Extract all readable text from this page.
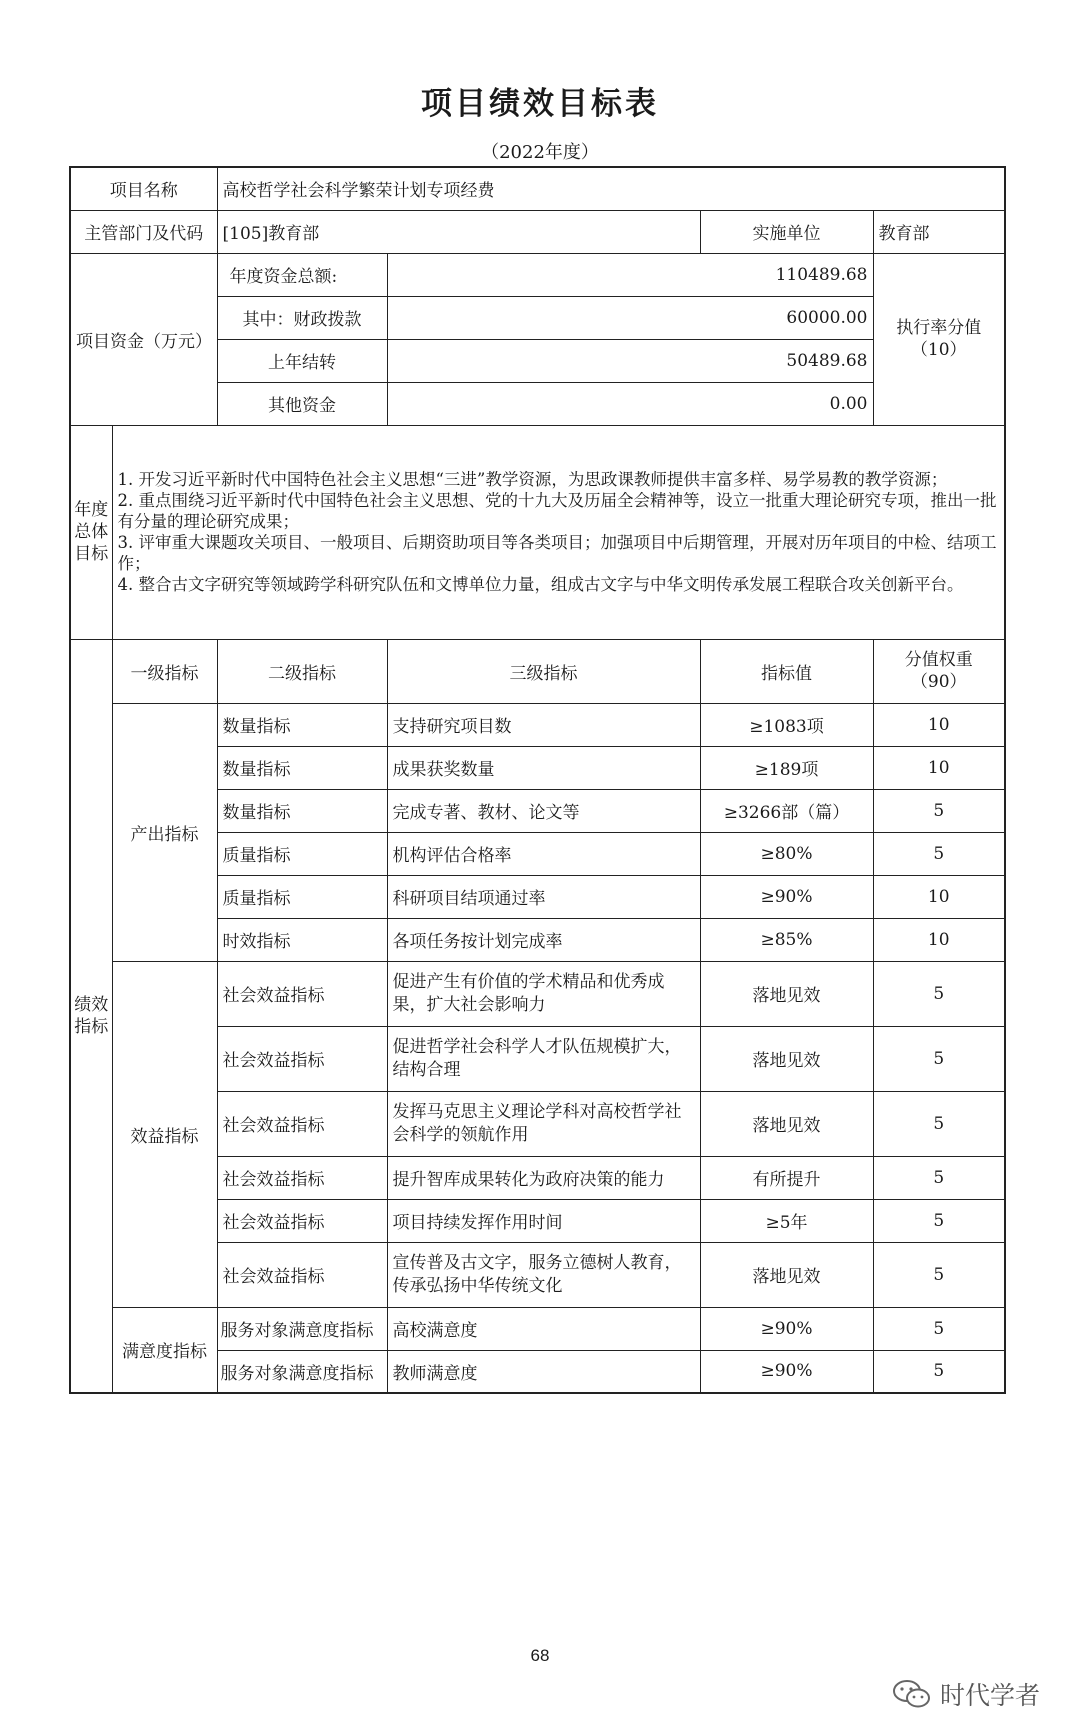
项目绩效目标表
（2022年度）
项目名称		高校哲学社会科学繁荣计划专项经费			
主管部门及代码		[105]教育部		实施单位	教育部
项目资金（万元）		年度资金总额:	110489.68		执行率分值
（10）

		其中：财政拨款	60000.00		
		上年结转	50489.68		
		其他资金	0.00		
年度总体目标	1. 开发习近平新时代中国特色社会主义思想“三进”教学资源，为思政课教师提供丰富多样、易学易教的教学资源；
2. 重点围绕习近平新时代中国特色社会主义思想、党的十九大及历届全会精神等，设立一批重大理论研究专项，推出一批有分量的理论研究成果；
3. 评审重大课题攻关项目、一般项目、后期资助项目等各类项目；加强项目中后期管理，开展对历年项目的中检、结项工作；
4. 整合古文字研究等领域跨学科研究队伍和文博单位力量，组成古文字与中华文明传承发展工程联合攻关创新平台。				

绩效指标	一级指标	二级指标	三级指标	指标值	分值权重
（90）

	产出指标	数量指标	支持研究项目数	≥1083项	10
		数量指标	成果获奖数量	≥189项	10
		数量指标	完成专著、教材、论文等	≥3266部（篇）	5
		质量指标	机构评估合格率	≥80%	5
		质量指标	科研项目结项通过率	≥90%	10
		时效指标	各项任务按计划完成率	≥85%	10
	效益指标	社会效益指标	促进产生有价值的学术精品和优秀成果，扩大社会影响力	落地见效	5
		社会效益指标	促进哲学社会科学人才队伍规模扩大，结构合理	落地见效	5
		社会效益指标	发挥马克思主义理论学科对高校哲学社会科学的领航作用	落地见效	5
		社会效益指标	提升智库成果转化为政府决策的能力	有所提升	5
		社会效益指标	项目持续发挥作用时间	≥5年	5
		社会效益指标	宣传普及古文字，服务立德树人教育，传承弘扬中华传统文化	落地见效	5
	满意度指标	服务对象满意度指标	高校满意度	≥90%	5
		服务对象满意度指标	教师满意度	≥90%	5
68
时代学者
